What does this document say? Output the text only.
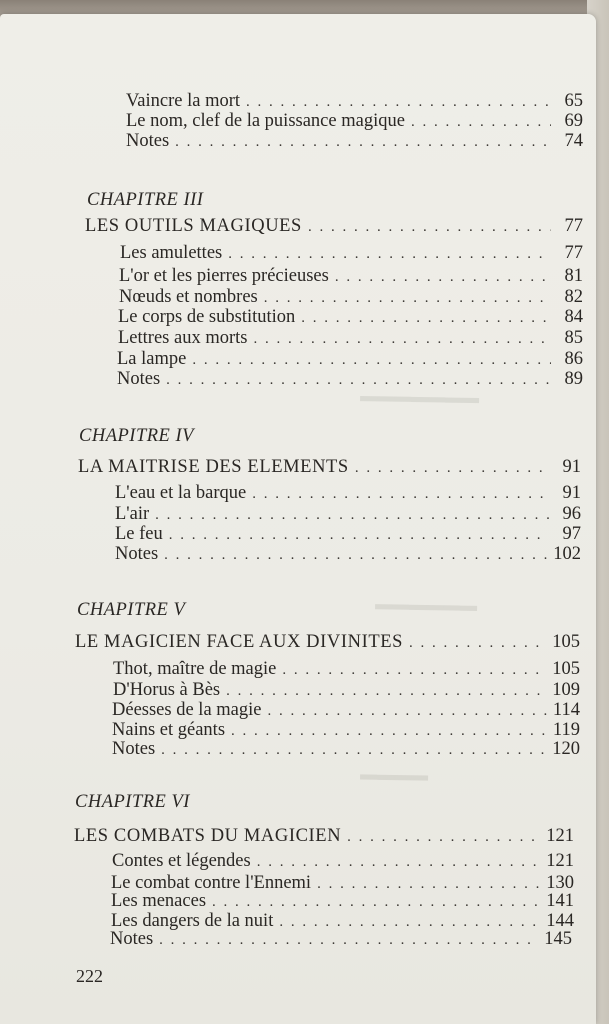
▬▬▬▬▬▬▬
▬▬▬▬▬▬
▬▬▬▬
Vaincre la mort . . .	65
Le nom, clef de la puissance magique . . .	69
Notes . . .	74
CHAPITRE III
LES OUTILS MAGIQUES . . .	77
Les amulettes . . .	77
L'or et les pierres précieuses . . .	81
Nœuds et nombres . . .	82
Le corps de substitution . . .	84
Lettres aux morts . . .	85
La lampe . . .	86
Notes . . .	89
CHAPITRE IV
LA MAITRISE DES ELEMENTS . . .	91
L'eau et la barque . . .	91
L'air . . .	96
Le feu . . .	97
Notes . . .	102
CHAPITRE V
LE MAGICIEN FACE AUX DIVINITES . . .	105
Thot, maître de magie . . .	105
D'Horus à Bès . . .	109
Déesses de la magie . . .	114
Nains et géants . . .	119
Notes . . .	120
CHAPITRE VI
LES COMBATS DU MAGICIEN . . .	121
Contes et légendes . . .	121
Le combat contre l'Ennemi . . .	130
Les menaces . . .	141
Les dangers de la nuit . . .	144
Notes . . .	145
222
